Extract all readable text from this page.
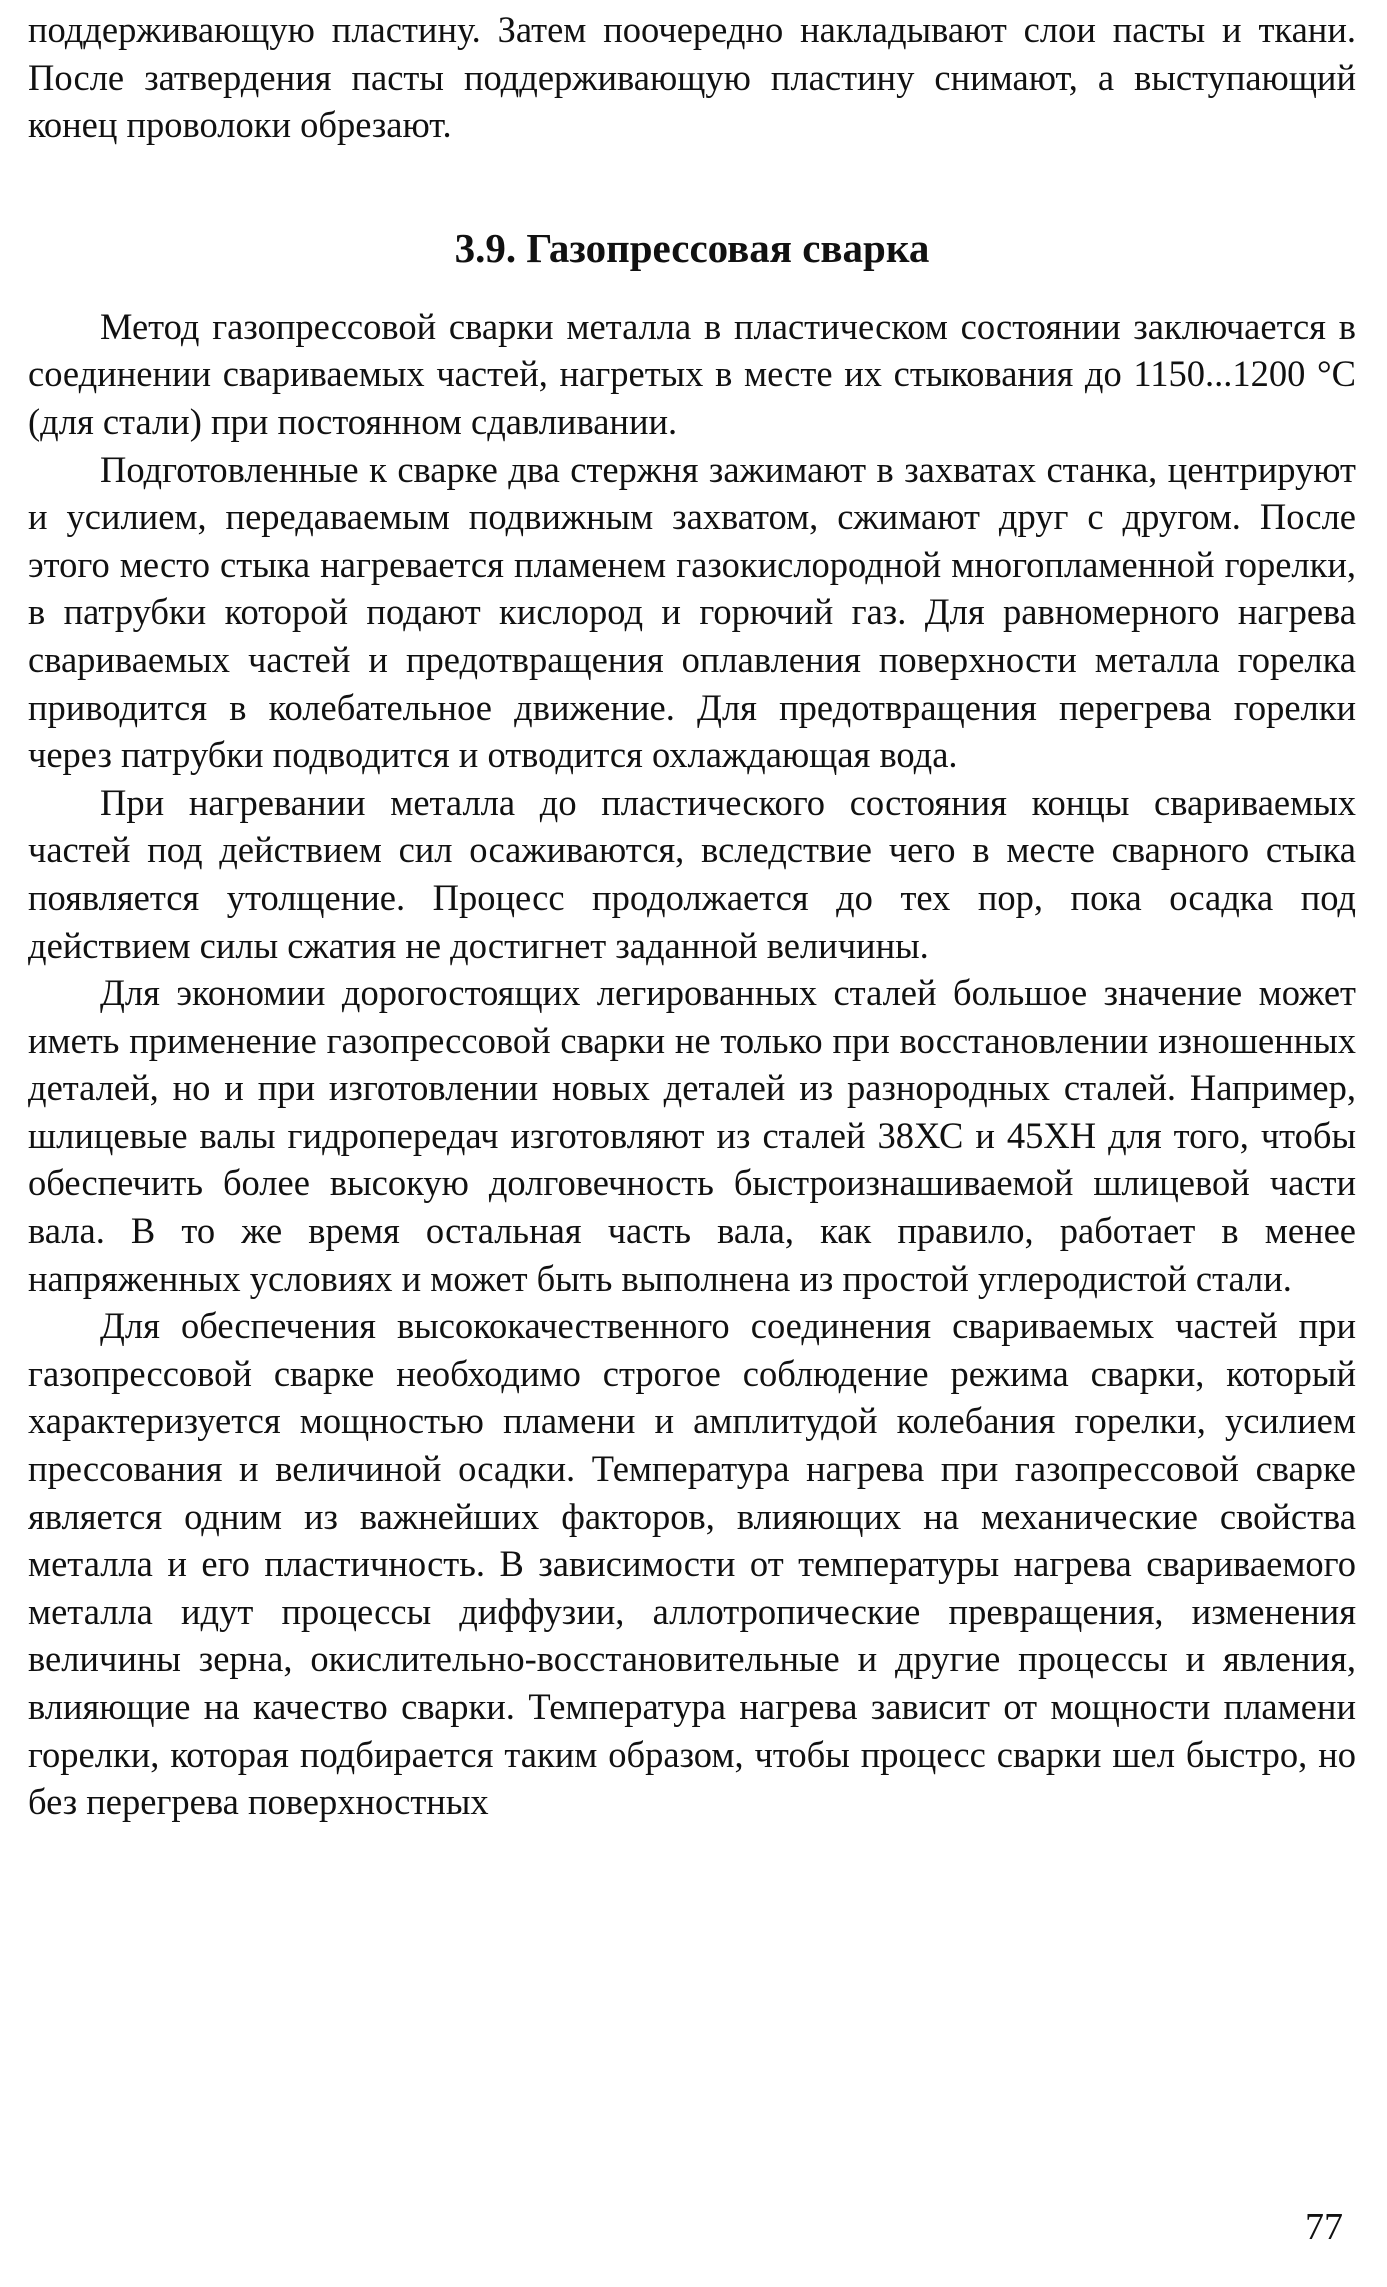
поддерживающую пластину. Затем поочередно накладывают слои пасты и ткани. После затвердения пасты поддерживающую пластину снимают, а выступающий конец проволоки обрезают.

3.9. Газопрессовая сварка

Метод газопрессовой сварки металла в пластическом состоянии заключается в соединении свариваемых частей, нагретых в месте их стыкования до 1150...1200 °С (для стали) при постоянном сдавливании.

Подготовленные к сварке два стержня зажимают в захватах станка, центрируют и усилием, передаваемым подвижным захватом, сжимают друг с другом. После этого место стыка нагревается пламенем газокислородной многопламенной горелки, в патрубки которой подают кислород и горючий газ. Для равномерного нагрева свариваемых частей и предотвращения оплавления поверхности металла горелка приводится в колебательное движение. Для предотвращения перегрева горелки через патрубки подводится и отводится охлаждающая вода.

При нагревании металла до пластического состояния концы свариваемых частей под действием сил осаживаются, вследствие чего в месте сварного стыка появляется утолщение. Процесс продолжается до тех пор, пока осадка под действием силы сжатия не достигнет заданной величины.

Для экономии дорогостоящих легированных сталей большое значение может иметь применение газопрессовой сварки не только при восстановлении изношенных деталей, но и при изготовлении новых деталей из разнородных сталей. Например, шлицевые валы гидропередач изготовляют из сталей 38ХС и 45ХН для того, чтобы обеспечить более высокую долговечность быстроизнашиваемой шлицевой части вала. В то же время остальная часть вала, как правило, работает в менее напряженных условиях и может быть выполнена из простой углеродистой стали.

Для обеспечения высококачественного соединения свариваемых частей при газопрессовой сварке необходимо строгое соблюдение режима сварки, который характеризуется мощностью пламени и амплитудой колебания горелки, усилием прессования и величиной осадки. Температура нагрева при газопрессовой сварке является одним из важнейших факторов, влияющих на механические свойства металла и его пластичность. В зависимости от температуры нагрева свариваемого металла идут процессы диффузии, аллотропические превращения, изменения величины зерна, окислительно-восстановительные и другие процессы и явления, влияющие на качество сварки. Температура нагрева зависит от мощности пламени горелки, которая подбирается таким образом, чтобы процесс сварки шел быстро, но без перегрева поверхностных

77
